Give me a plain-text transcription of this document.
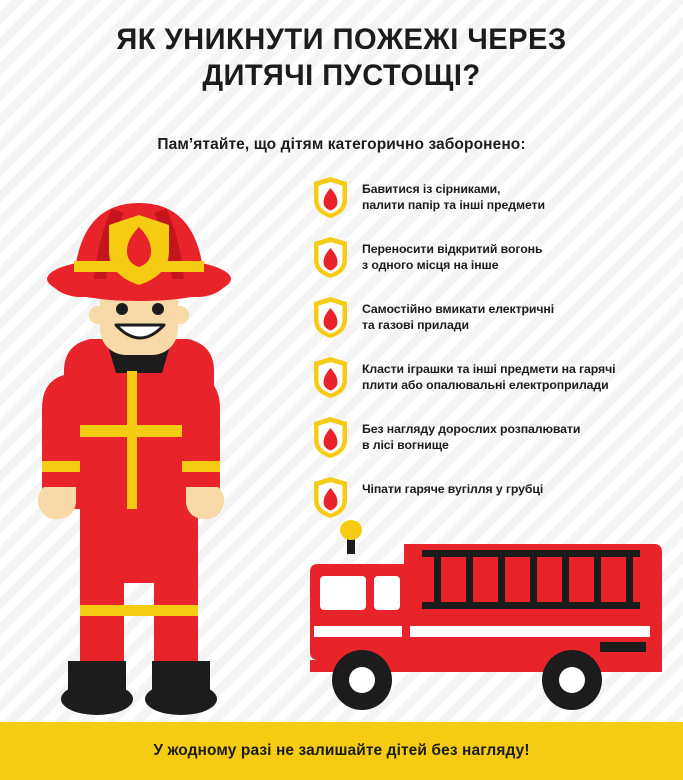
ЯК УНИКНУТИ ПОЖЕЖІ ЧЕРЕЗ
ДИТЯЧІ ПУСТОЩІ?
Пам’ятайте, що дітям категорично заборонено:
Бавитися із сірниками,
палити папір та інші предмети
Переносити відкритий вогонь
з одного місця на інше
Самостійно вмикати електричні
та газові прилади
Класти іграшки та інші предмети на гарячі
плити або опалювальні електроприлади
Без нагляду дорослих розпалювати
в лісі вогнище
Чіпати гаряче вугілля у грубці
У жодному разі не залишайте дітей без нагляду!
